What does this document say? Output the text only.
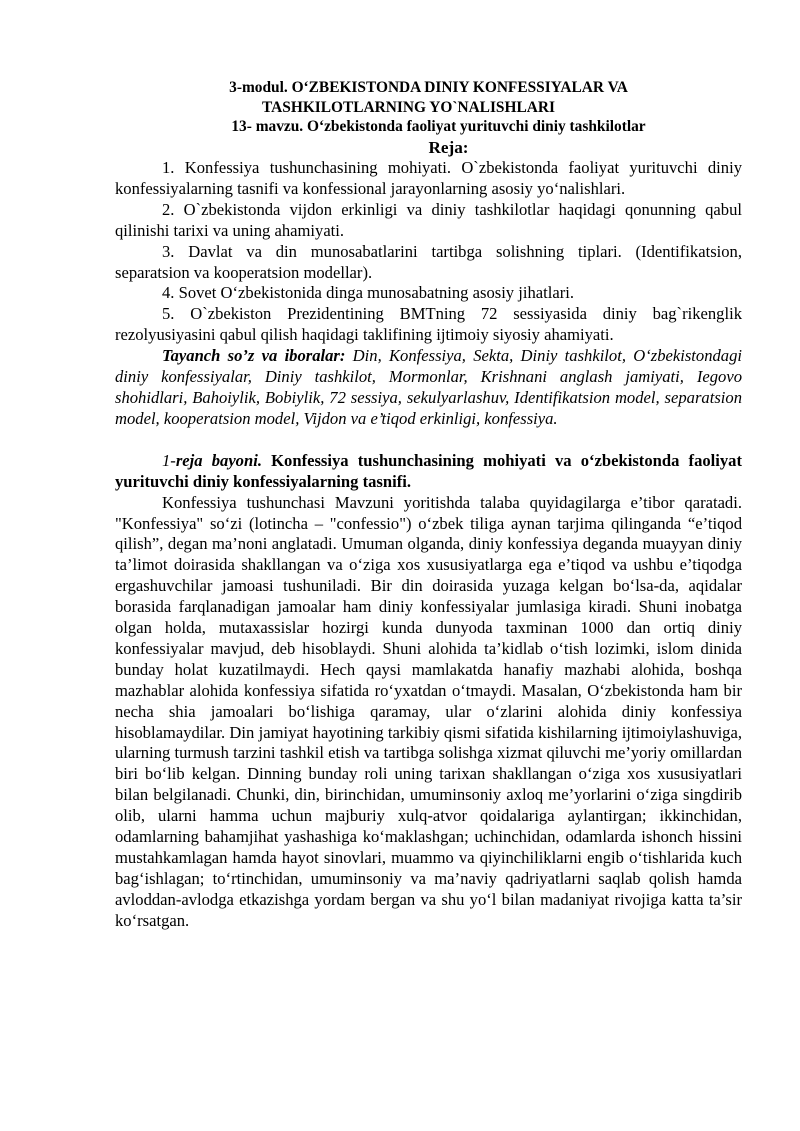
3-modul. O‘ZBEKISTONDA DINIY KONFESSIYALAR VA
TASHKILOTLARNING YO`NALISHLARI

13- mavzu. O‘zbekistonda faoliyat yurituvchi diniy tashkilotlar

Reja:

1. Konfessiya tushunchasining mohiyati. O`zbekistonda faoliyat yurituvchi diniy konfessiyalarning tasnifi va konfessional jarayonlarning asosiy yo‘nalishlari.

2. O`zbekistonda vijdon erkinligi va diniy tashkilotlar haqidagi qonunning qabul qilinishi tarixi va uning ahamiyati.

3. Davlat va din munosabatlarini tartibga solishning tiplari. (Identifikatsion, separatsion va kooperatsion modellar).

4. Sovet O‘zbekistonida dinga munosabatning asosiy jihatlari.

5. O`zbekiston Prezidentining BMTning 72 sessiyasida diniy bag`rikenglik rezolyusiyasini qabul qilish haqidagi taklifining ijtimoiy siyosiy ahamiyati.

Tayanch so’z va iboralar: Din, Konfessiya, Sekta, Diniy tashkilot, O‘zbekistondagi diniy konfessiyalar, Diniy tashkilot, Mormonlar, Krishnani anglash jamiyati, Iegovo shohidlari, Bahoiylik, Bobiylik, 72 sessiya, sekulyarlashuv, Identifikatsion model, separatsion model, kooperatsion model, Vijdon va e’tiqod erkinligi, konfessiya.

1-reja bayoni. Konfessiya tushunchasining mohiyati va o‘zbekistonda faoliyat yurituvchi diniy konfessiyalarning tasnifi.

Konfessiya tushunchasi Mavzuni yoritishda talaba quyidagilarga e’tibor qaratadi. "Konfessiya" so‘zi (lotincha – "confessio") o‘zbek tiliga aynan tarjima qilinganda “e’tiqod qilish”, degan ma’noni anglatadi. Umuman olganda, diniy konfessiya deganda muayyan diniy ta’limot doirasida shakllangan va o‘ziga xos xususiyatlarga ega e’tiqod va ushbu e’tiqodga ergashuvchilar jamoasi tushuniladi. Bir din doirasida yuzaga kelgan bo‘lsa-da, aqidalar borasida farqlanadigan jamoalar ham diniy konfessiyalar jumlasiga kiradi. Shuni inobatga olgan holda, mutaxassislar hozirgi kunda dunyoda taxminan 1000 dan ortiq diniy konfessiyalar mavjud, deb hisoblaydi. Shuni alohida ta’kidlab o‘tish lozimki, islom dinida bunday holat kuzatilmaydi. Hech qaysi mamlakatda hanafiy mazhabi alohida, boshqa mazhablar alohida konfessiya sifatida ro‘yxatdan o‘tmaydi. Masalan, O‘zbekistonda ham bir necha shia jamoalari bo‘lishiga qaramay, ular o‘zlarini alohida diniy konfessiya hisoblamaydilar. Din jamiyat hayotining tarkibiy qismi sifatida kishilarning ijtimoiylashuviga, ularning turmush tarzini tashkil etish va tartibga solishga xizmat qiluvchi me’yoriy omillardan biri bo‘lib kelgan. Dinning bunday roli uning tarixan shakllangan o‘ziga xos xususiyatlari bilan belgilanadi. Chunki, din, birinchidan, umuminsoniy axloq me’yorlarini o‘ziga singdirib olib, ularni hamma uchun majburiy xulq-atvor qoidalariga aylantirgan; ikkinchidan, odamlarning bahamjihat yashashiga ko‘maklashgan; uchinchidan, odamlarda ishonch hissini mustahkamlagan hamda hayot sinovlari, muammo va qiyinchiliklarni engib o‘tishlarida kuch bag‘ishlagan; to‘rtinchidan, umuminsoniy va ma’naviy qadriyatlarni saqlab qolish hamda avloddan-avlodga etkazishga yordam bergan va shu yo‘l bilan madaniyat rivojiga katta ta’sir ko‘rsatgan.
